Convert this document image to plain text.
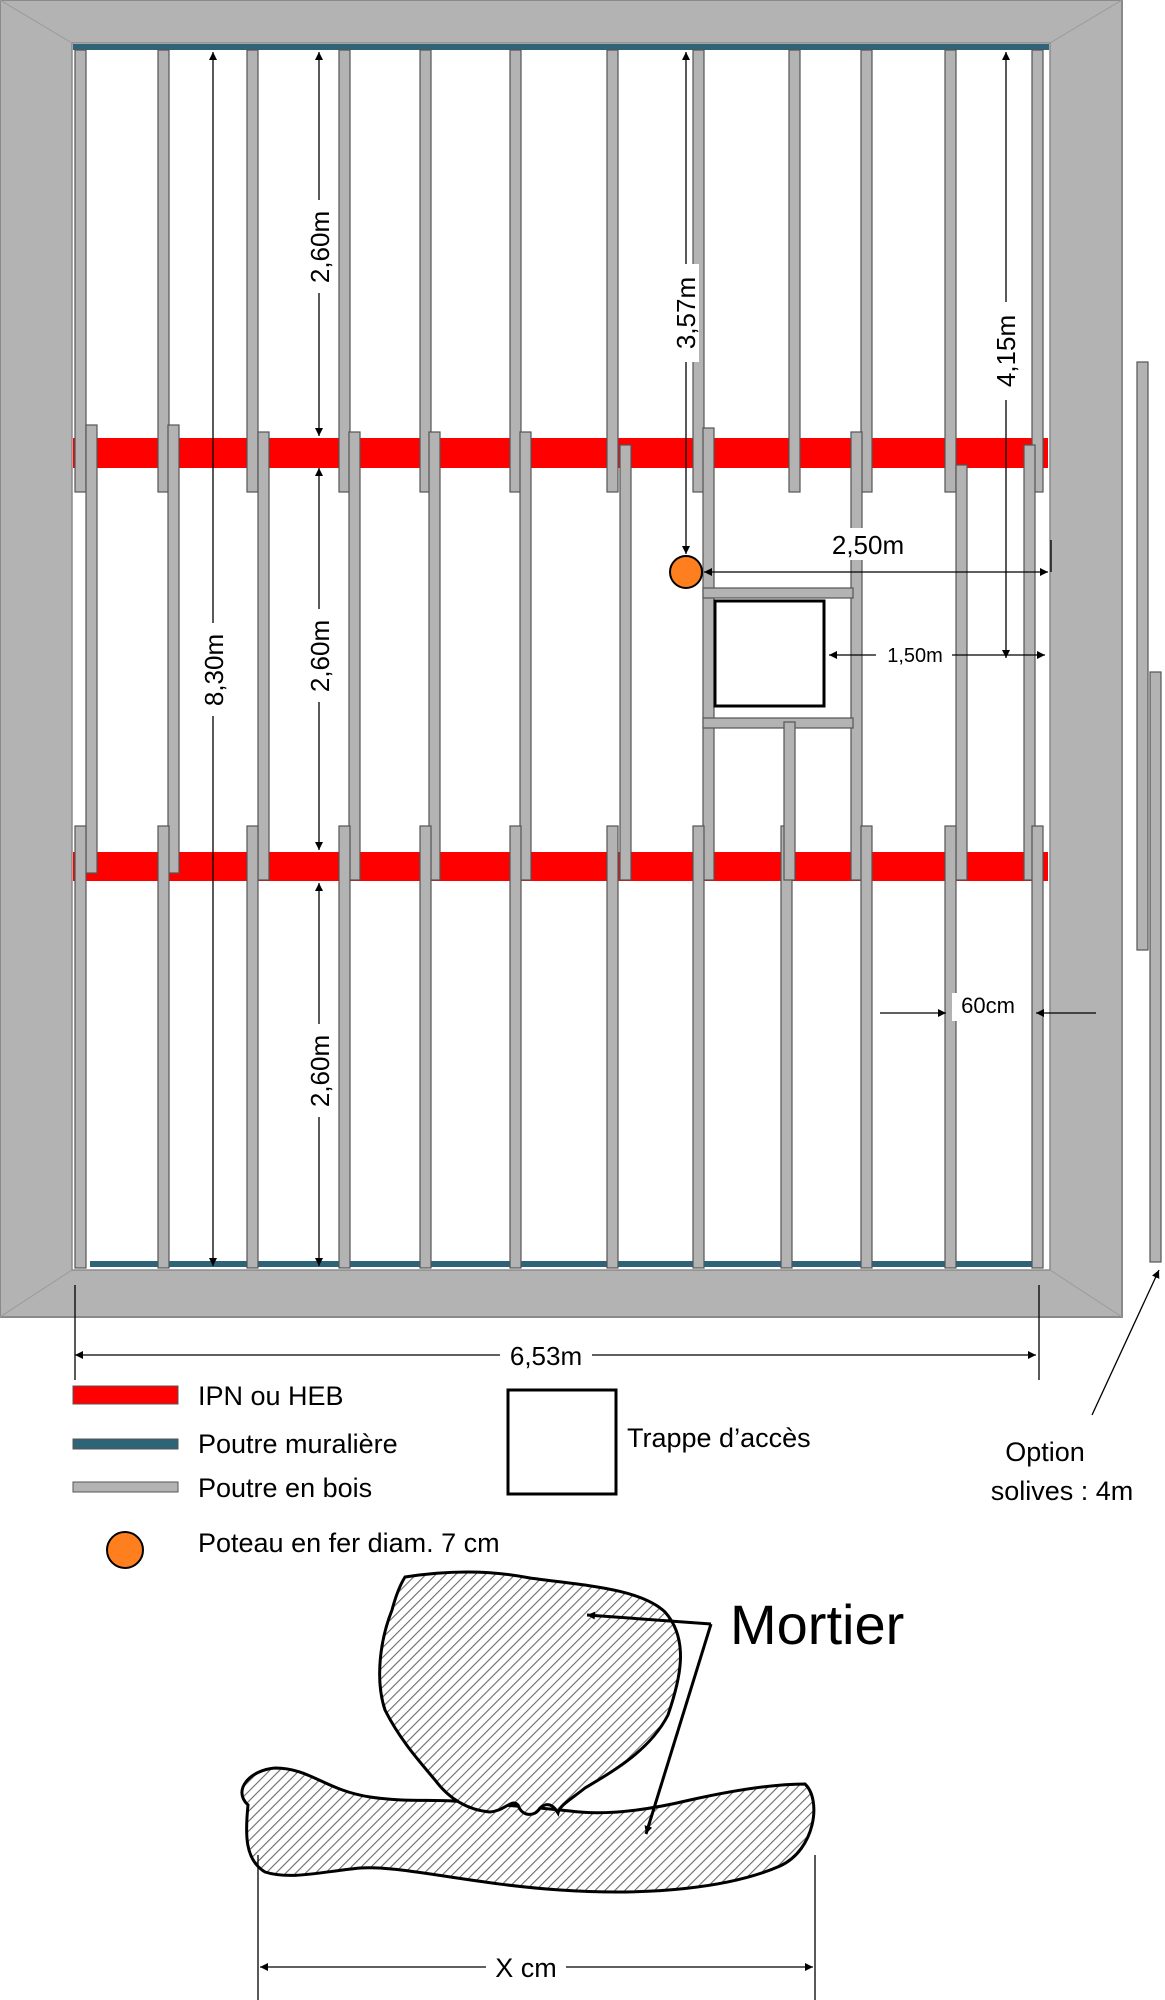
8,30m
2,60m
2,60m
2,60m
3,57m
4,15m
2,50m
1,50m
60cm
6,53m
IPN ou HEB
Poutre muralière
Poutre en bois
Poteau en fer diam. 7 cm
Trappe d’accès	Option
solives : 4m
Mortier
X cm
